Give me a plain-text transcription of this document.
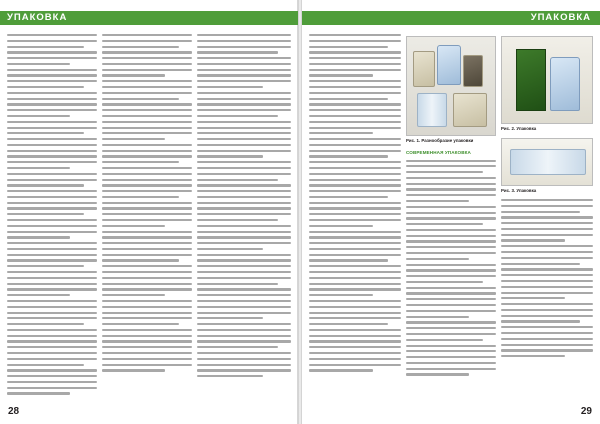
УПАКОВКА
28
УПАКОВКА
Рис. 1. Разнообразие упаковки
СОВРЕМЕННАЯ УПАКОВКА
Рис. 2. Упаковка
Рис. 3. Упаковка
29
